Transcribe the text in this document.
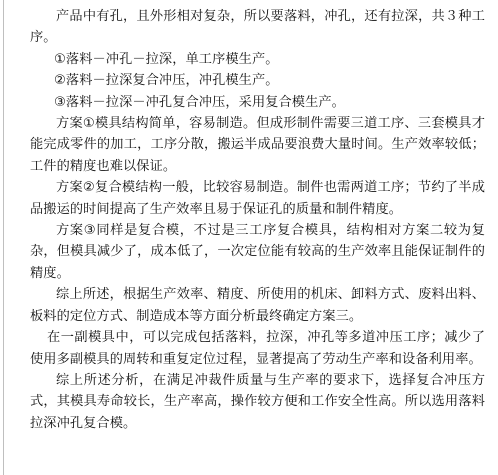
产品中有孔，且外形相对复杂，所以要落料，冲孔，还有拉深，共３种工序。

①落料－冲孔－拉深，单工序模生产。

②落料－拉深复合冲压，冲孔模生产。

③落料－拉深－冲孔复合冲压，采用复合模生产。

方案①模具结构简单，容易制造。但成形制件需要三道工序、三套模具才能完成零件的加工，工序分散，搬运半成品要浪费大量时间。生产效率较低；工件的精度也难以保证。

方案②复合模结构一般，比较容易制造。制件也需两道工序；节约了半成品搬运的时间提高了生产效率且易于保证孔的质量和制件精度。

方案③同样是复合模，不过是三工序复合模具，结构相对方案二较为复杂，但模具减少了，成本低了，一次定位能有较高的生产效率且能保证制件的精度。

综上所述，根据生产效率、精度、所使用的机床、卸料方式、废料出料、板料的定位方式、制造成本等方面分析最终确定方案三。

在一副模具中，可以完成包括落料，拉深，冲孔等多道冲压工序；减少了使用多副模具的周转和重复定位过程，显著提高了劳动生产率和设备利用率。

综上所述分析，在满足冲裁件质量与生产率的要求下，选择复合冲压方式，其模具寿命较长，生产率高，操作较方便和工作安全性高。所以选用落料拉深冲孔复合模。
